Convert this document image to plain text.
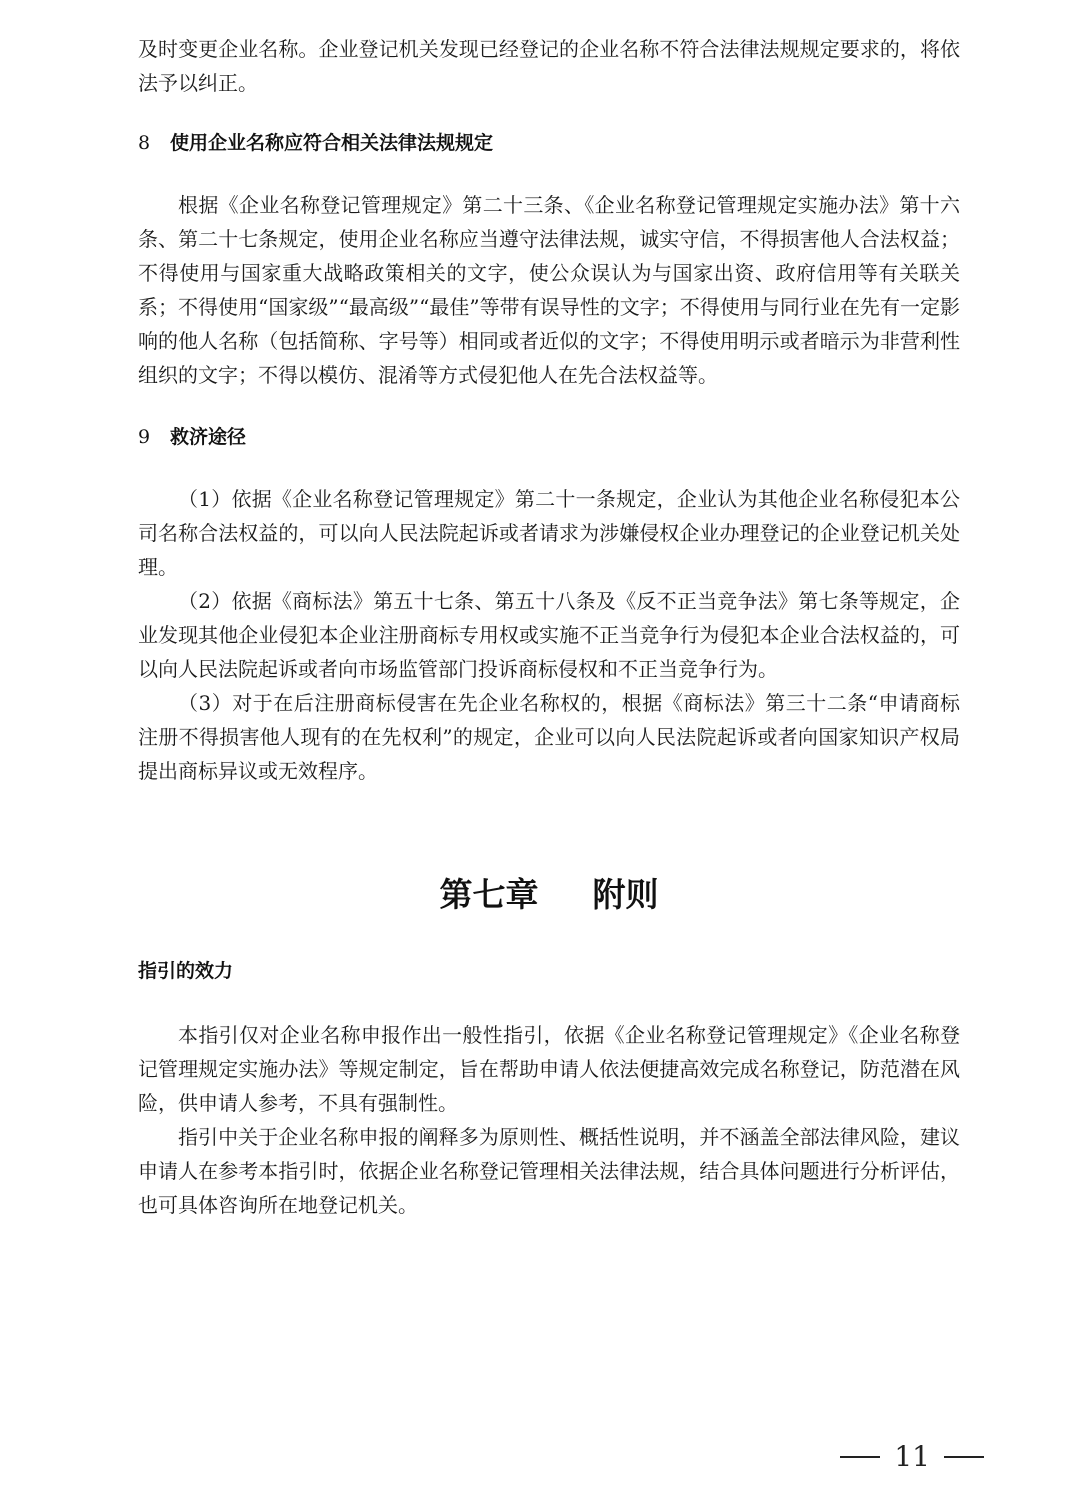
及时变更企业名称。企业登记机关发现已经登记的企业名称不符合法律法规规定要求的，将依法予以纠正。

8 使用企业名称应符合相关法律法规规定

根据《企业名称登记管理规定》第二十三条、《企业名称登记管理规定实施办法》第十六条、第二十七条规定，使用企业名称应当遵守法律法规，诚实守信，不得损害他人合法权益；不得使用与国家重大战略政策相关的文字，使公众误认为与国家出资、政府信用等有关联关系；不得使用“国家级”“最高级”“最佳”等带有误导性的文字；不得使用与同行业在先有一定影响的他人名称（包括简称、字号等）相同或者近似的文字；不得使用明示或者暗示为非营利性组织的文字；不得以模仿、混淆等方式侵犯他人在先合法权益等。

9 救济途径

（1）依据《企业名称登记管理规定》第二十一条规定，企业认为其他企业名称侵犯本公司名称合法权益的，可以向人民法院起诉或者请求为涉嫌侵权企业办理登记的企业登记机关处理。

（2）依据《商标法》第五十七条、第五十八条及《反不正当竞争法》第七条等规定，企业发现其他企业侵犯本企业注册商标专用权或实施不正当竞争行为侵犯本企业合法权益的，可以向人民法院起诉或者向市场监管部门投诉商标侵权和不正当竞争行为。

（3）对于在后注册商标侵害在先企业名称权的，根据《商标法》第三十二条“申请商标注册不得损害他人现有的在先权利”的规定，企业可以向人民法院起诉或者向国家知识产权局提出商标异议或无效程序。

第七章 附则
指引的效力

本指引仅对企业名称申报作出一般性指引，依据《企业名称登记管理规定》《企业名称登记管理规定实施办法》等规定制定，旨在帮助申请人依法便捷高效完成名称登记，防范潜在风险，供申请人参考，不具有强制性。

指引中关于企业名称申报的阐释多为原则性、概括性说明，并不涵盖全部法律风险，建议申请人在参考本指引时，依据企业名称登记管理相关法律法规，结合具体问题进行分析评估，也可具体咨询所在地登记机关。

11
